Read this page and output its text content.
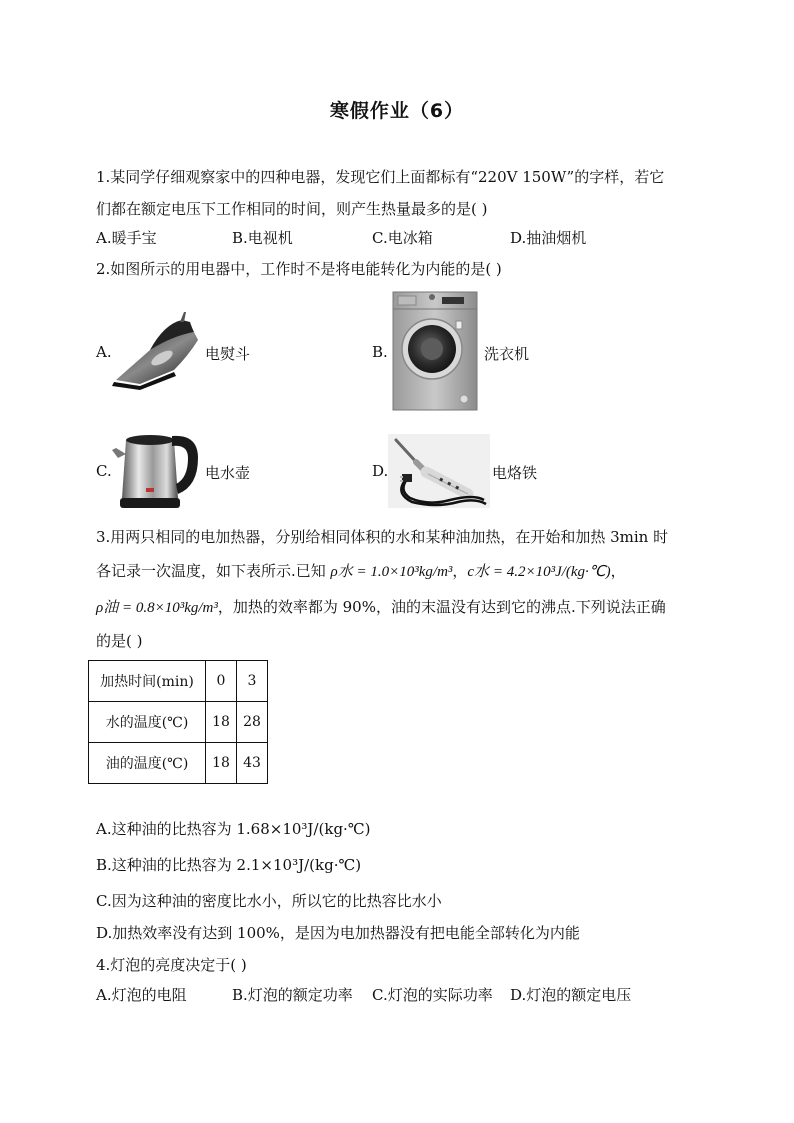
寒假作业（6）
1.某同学仔细观察家中的四种电器，发现它们上面都标有“220V 150W”的字样，若它
们都在额定电压下工作相同的时间，则产生热量最多的是( )
A.暖手宝	B.电视机	C.电冰箱	D.抽油烟机
2.如图所示的用电器中，工作时不是将电能转化为内能的是( )
A.	电熨斗	B.	洗衣机
C.	电水壶	D.	电烙铁
3.用两只相同的电加热器，分别给相同体积的水和某种油加热，在开始和加热 3min 时
各记录一次温度，如下表所示.已知 ρ水 = 1.0×10³kg/m³，c水 = 4.2×10³J/(kg·℃)，
ρ油 = 0.8×10³kg/m³，加热的效率都为 90%，油的末温没有达到它的沸点.下列说法正确
的是( )
加热时间(min)	0	3
水的温度(℃)	18	28
油的温度(℃)	18	43
A.这种油的比热容为 1.68×10³J/(kg·℃)
B.这种油的比热容为 2.1×10³J/(kg·℃)
C.因为这种油的密度比水小，所以它的比热容比水小
D.加热效率没有达到 100%，是因为电加热器没有把电能全部转化为内能
4.灯泡的亮度决定于( )
A.灯泡的电阻	B.灯泡的额定功率 C.灯泡的实际功率 D.灯泡的额定电压
